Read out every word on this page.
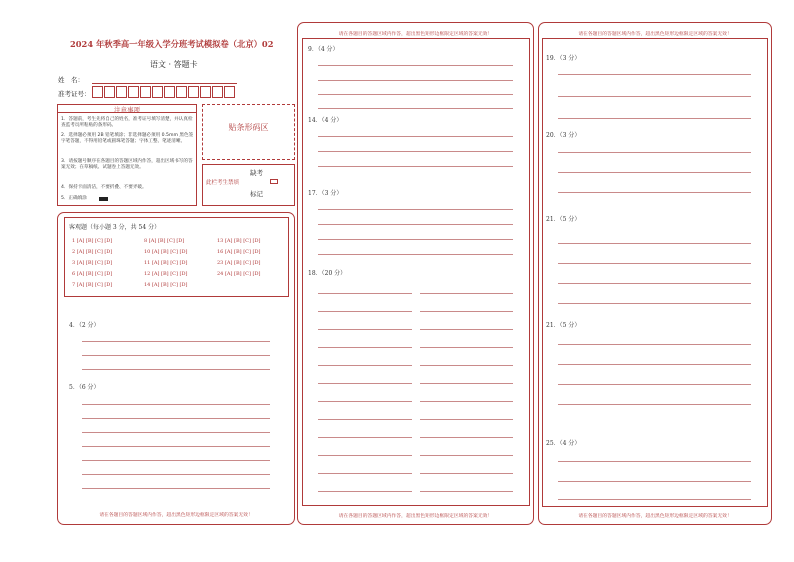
2024 年秋季高一年级入学分班考试模拟卷（北京）02
语文 · 答题卡
姓　名：
准考证号：
注意事项
1．答题前，考生先将自己的姓名，准考证号填写清楚，并认真检查监考员所粘贴的条形码。
2．选择题必须用 2B 铅笔填涂；非选择题必须用 0.5mm 黑色签字笔答题，不得用铅笔或圆珠笔答题；字体工整、笔迹清晰。
3．请按题号顺序在各题目的答题区域内作答，超出区域书写的答案无效；在草稿纸、试题卷上答题无效。
4．保持卡面清洁，不要折叠、不要弄破。
5．正确填涂
贴条形码区
缺考
此栏考生禁填
标记
客观题（每小题 3 分，共 54 分）
1 [A] [B] [C] [D]
2 [A] [B] [C] [D]
3 [A] [B] [C] [D]
6 [A] [B] [C] [D]
7 [A] [B] [C] [D]
8 [A] [B] [C] [D]
10 [A] [B] [C] [D]
11 [A] [B] [C] [D]
12 [A] [B] [C] [D]
14 [A] [B] [C] [D]
13 [A] [B] [C] [D]
16 [A] [B] [C] [D]
23 [A] [B] [C] [D]
24 [A] [B] [C] [D]
4．（2 分）
5．（6 分）
请在各题目的答题区域内作答，超出黑色矩形边框限定区域的答案无效！
请在各题目的答题区域内作答，超出黑色矩形边框限定区域的答案无效！
9．（4 分）
14．（4 分）
17．（3 分）
18．（20 分）
请在各题目的答题区域内作答，超出黑色矩形边框限定区域的答案无效！
请在各题目的答题区域内作答，超出黑色矩形边框限定区域的答案无效！
19．（3 分）
20．（3 分）
21．（5 分）
21．（5 分）
25．（4 分）
请在各题目的答题区域内作答，超出黑色矩形边框限定区域的答案无效！
